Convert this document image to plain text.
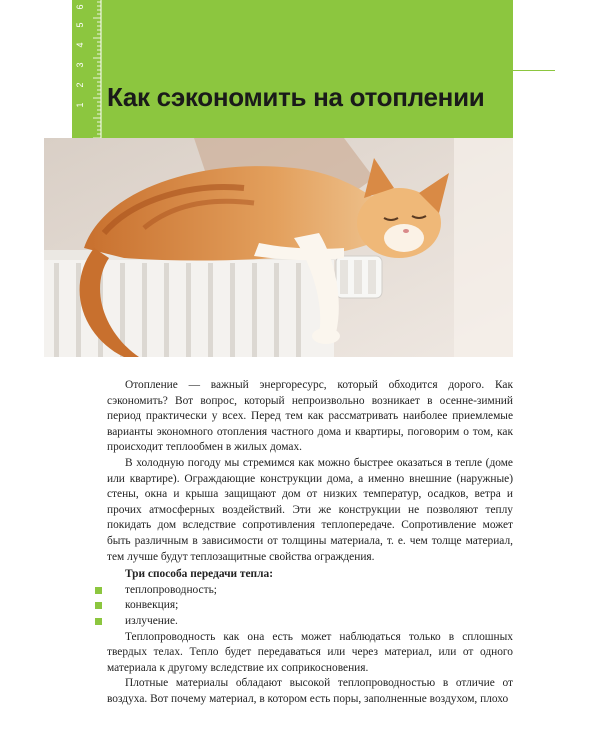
1
2
3
4
5
6
Как сэкономить на отоплении

Отопление — важный энергоресурс, который обходится дорого. Как сэкономить? Вот вопрос, который непроизвольно возникает в осенне-зимний период практически у всех. Перед тем как рассматривать наиболее приемлемые варианты экономного отопления частного дома и квартиры, поговорим о том, как происходит теплообмен в жилых домах.

В холодную погоду мы стремимся как можно быстрее оказаться в тепле (доме или квартире). Ограждающие конструкции дома, а именно внешние (наружные) стены, окна и крыша защищают дом от низких температур, осадков, ветра и прочих атмосферных воздействий. Эти же конструкции не позволяют теплу покидать дом вследствие сопротивления теплопередаче. Сопротивление может быть различным в зависимости от толщины материала, т. е. чем толще материал, тем лучше будут теплозащитные свойства ограждения.

Три способа передачи тепла:

теплопроводность;
конвекция;
излучение.

Теплопроводность как она есть может наблюдаться только в сплошных твердых телах. Тепло будет передаваться или через материал, или от одного материала к другому вследствие их соприкосновения.

Плотные материалы обладают высокой теплопроводностью в отличие от воздуха. Вот почему материал, в котором есть поры, заполненные воздухом, плохо
